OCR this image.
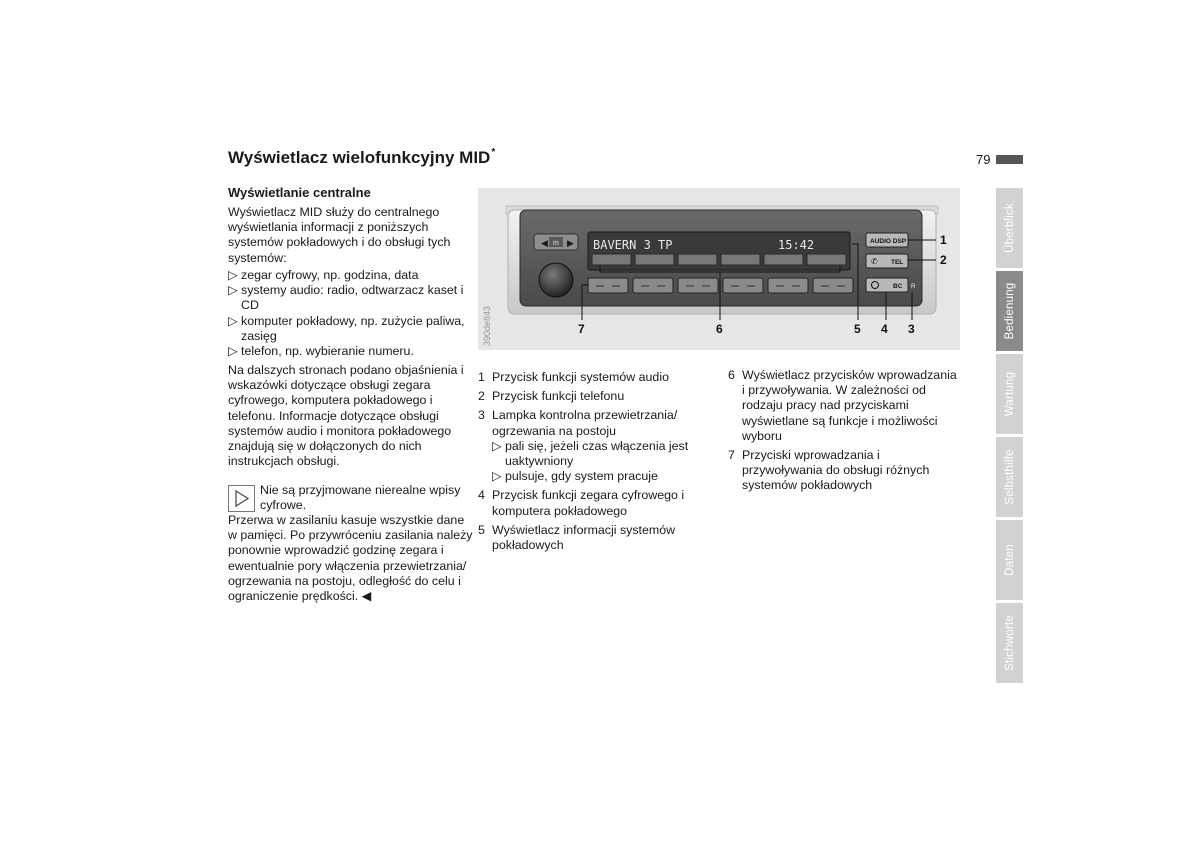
Wyświetlacz wielofunkcyjny MID*	79
Wyświetlanie centralne
Wyświetlacz MID służy do centralnego wyświetlania informacji z poniższych systemów pokładowych i do obsługi tych systemów:
▷ zegar cyfrowy, np. godzina, data
▷ systemy audio: radio, odtwarzacz kaset i CD
▷ komputer pokładowy, np. zużycie paliwa, zasięg
▷ telefon, np. wybieranie numeru.
Na dalszych stronach podano objaśnienia i wskazówki dotyczące obsługi zegara cyfrowego, komputera pokładowego i telefonu. Informacje dotyczące obsługi systemów audio i monitora pokładowego znajdują się w dołączonych do nich instrukcjach obsługi.
Nie są przyjmowane nierealne wpisy cyfrowe.
Przerwa w zasilaniu kasuje wszystkie dane w pamięci. Po przywróceniu zasilania należy ponownie wprowadzić godzinę zegara i ewentualnie pory włączenia przewietrzania/ ogrzewania na postoju, odległość do celu i ograniczenie prędkości. ◀
◀ m ▶ BAVERN 3 TP	15:42	AUDIO DSP
✆ TEL
BC R
1
2
3
4
5
6
7
390de843
1 Przycisk funkcji systemów audio
2 Przycisk funkcji telefonu
3 Lampka kontrolna przewietrzania/ ogrzewania na postoju
▷ pali się, jeżeli czas włączenia jest uaktywniony
▷ pulsuje, gdy system pracuje
4 Przycisk funkcji zegara cyfrowego i komputera pokładowego
5 Wyświetlacz informacji systemów pokładowych
6 Wyświetlacz przycisków wprowadzania i przywoływania. W zależności od rodzaju pracy nad przyciskami wyświetlane są funkcje i możliwości wyboru
7 Przyciski wprowadzania i przywoływania do obsługi różnych systemów pokładowych
Überblick
Bedienung
Wartung
Selbsthilfe
Daten
Stichworte
